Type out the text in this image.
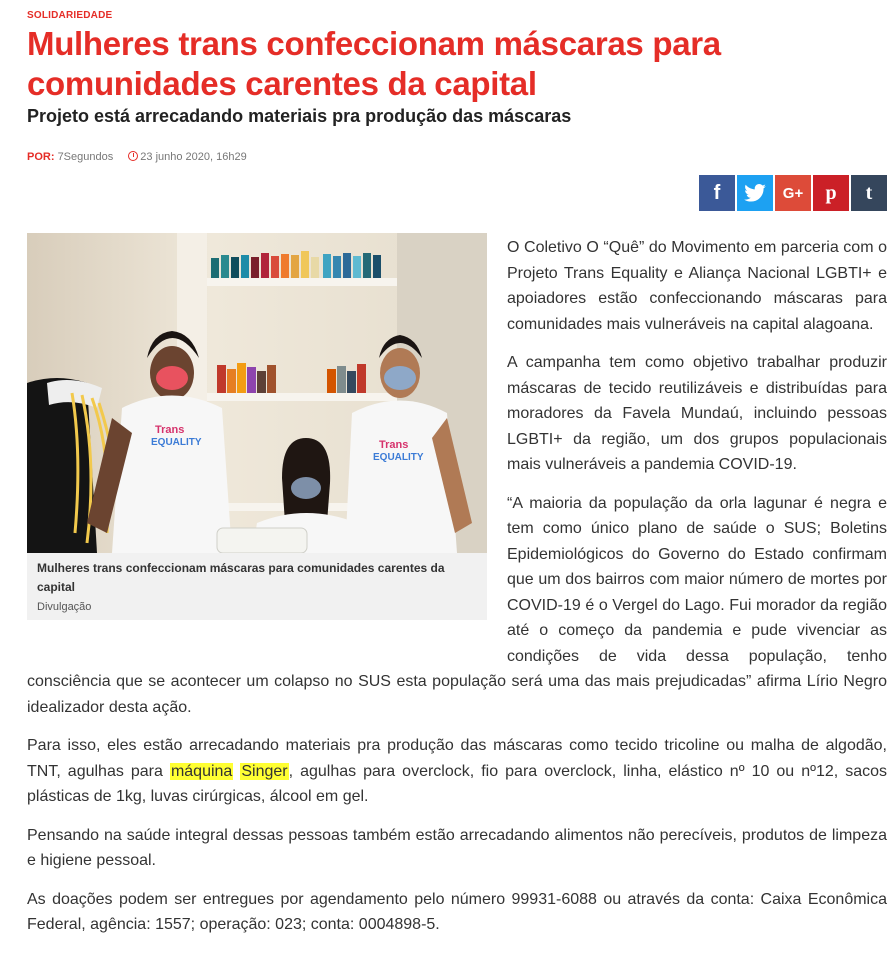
SOLIDARIEDADE
Mulheres trans confeccionam máscaras para comunidades carentes da capital
Projeto está arrecadando materiais pra produção das máscaras
POR: 7Segundos 23 junho 2020, 16h29
f	G+ p t
Trans
EQUALITY	Trans
EQUALITY
Mulheres trans confeccionam máscaras para comunidades carentes da capital
Divulgação

O Coletivo O “Quê” do Movimento em parceria com o Projeto Trans Equality e Aliança Nacional LGBTI+ e apoiadores estão confeccionando máscaras para comunidades mais vulneráveis na capital alagoana.

A campanha tem como objetivo trabalhar produzir máscaras de tecido reutilizáveis e distribuídas para moradores da Favela Mundaú, incluindo pessoas LGBTI+ da região, um dos grupos populacionais mais vulneráveis a pandemia COVID-19.

“A maioria da população da orla lagunar é negra e tem como único plano de saúde o SUS; Boletins Epidemiológicos do Governo do Estado confirmam que um dos bairros com maior número de mortes por COVID-19 é o Vergel do Lago. Fui morador da região até o começo da pandemia e pude vivenciar as condições de vida dessa população, tenho consciência que se acontecer um colapso no SUS esta população será uma das mais prejudicadas” afirma Lírio Negro idealizador desta ação.

Para isso, eles estão arrecadando materiais pra produção das máscaras como tecido tricoline ou malha de algodão, TNT, agulhas para máquina Singer, agulhas para overclock, fio para overclock, linha, elástico nº 10 ou nº12, sacos plásticas de 1kg, luvas cirúrgicas, álcool em gel.

Pensando na saúde integral dessas pessoas também estão arrecadando alimentos não perecíveis, produtos de limpeza e higiene pessoal.

As doações podem ser entregues por agendamento pelo número 99931-6088 ou através da conta: Caixa Econômica Federal, agência: 1557; operação: 023; conta: 0004898-5.
